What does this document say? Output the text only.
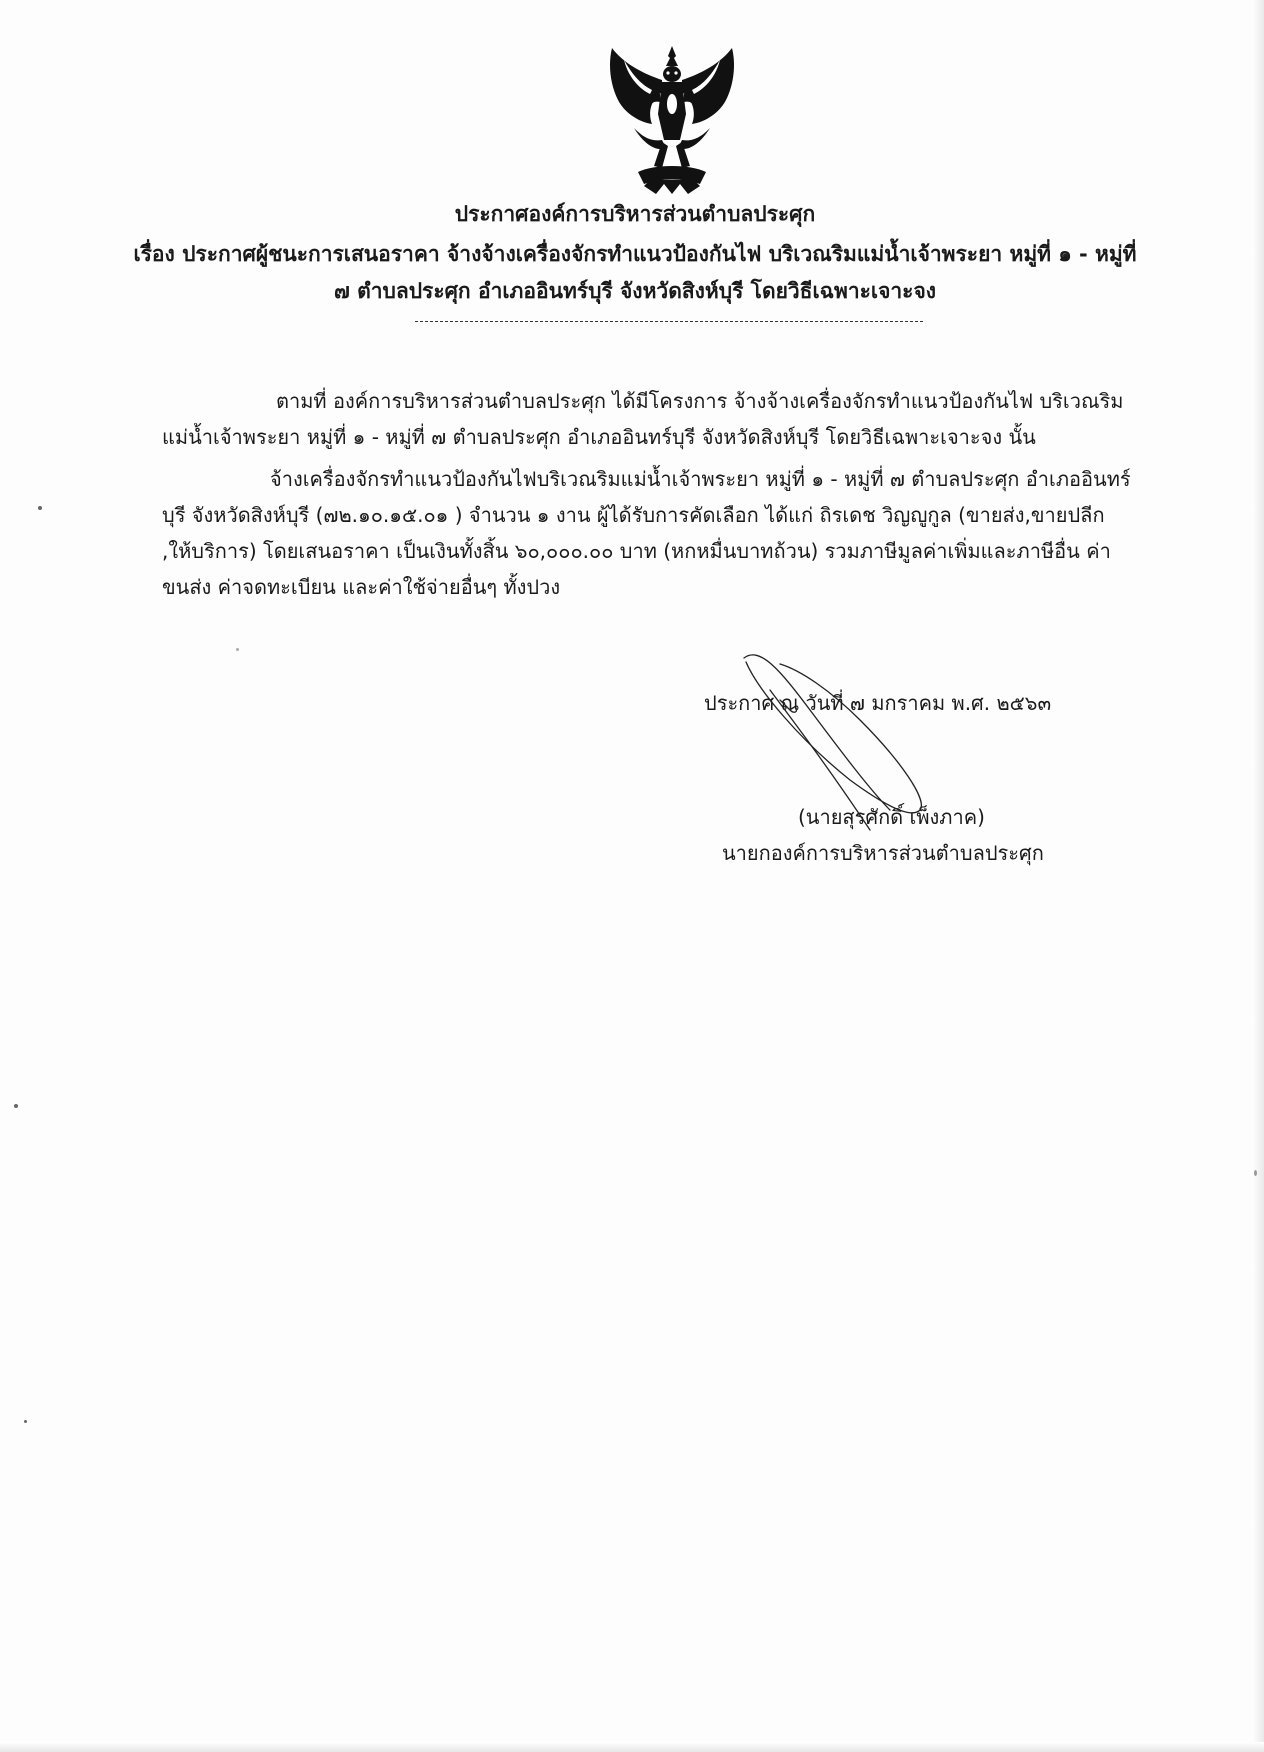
ประกาศองค์การบริหารส่วนตำบลประศุก
เรื่อง ประกาศผู้ชนะการเสนอราคา จ้างจ้างเครื่องจักรทำแนวป้องกันไฟ บริเวณริมแม่น้ำเจ้าพระยา หมู่ที่ ๑ - หมู่ที่
๗ ตำบลประศุก อำเภออินทร์บุรี จังหวัดสิงห์บุรี โดยวิธีเฉพาะเจาะจง
ตามที่ องค์การบริหารส่วนตำบลประศุก ได้มีโครงการ จ้างจ้างเครื่องจักรทำแนวป้องกันไฟ บริเวณริม
แม่น้ำเจ้าพระยา หมู่ที่ ๑ - หมู่ที่ ๗ ตำบลประศุก อำเภออินทร์บุรี จังหวัดสิงห์บุรี โดยวิธีเฉพาะเจาะจง นั้น
จ้างเครื่องจักรทำแนวป้องกันไฟบริเวณริมแม่น้ำเจ้าพระยา หมู่ที่ ๑ - หมู่ที่ ๗ ตำบลประศุก อำเภออินทร์
บุรี จังหวัดสิงห์บุรี (๗๒.๑๐.๑๕.๐๑ ) จำนวน ๑ งาน ผู้ได้รับการคัดเลือก ได้แก่ ถิรเดช วิญญูกูล (ขายส่ง,ขายปลีก
,ให้บริการ) โดยเสนอราคา เป็นเงินทั้งสิ้น ๖๐,๐๐๐.๐๐ บาท (หกหมื่นบาทถ้วน) รวมภาษีมูลค่าเพิ่มและภาษีอื่น ค่า
ขนส่ง ค่าจดทะเบียน และค่าใช้จ่ายอื่นๆ ทั้งปวง
ประกาศ ณ วันที่ ๗ มกราคม พ.ศ. ๒๕๖๓
(นายสุรศักดิ์ เพ็งภาค)
นายกองค์การบริหารส่วนตำบลประศุก
